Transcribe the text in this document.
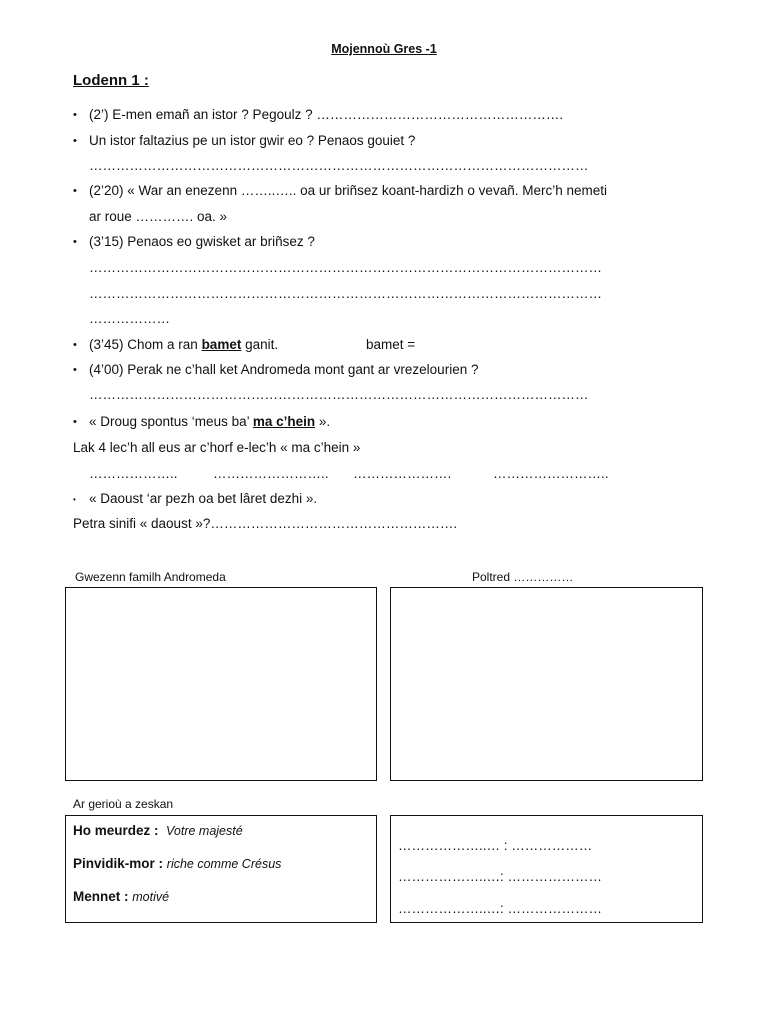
Mojennoù Gres -1
Lodenn 1 :
• (2’) E-men emañ an istor ? Pegoulz ? ……………………………………………….
• Un istor faltazius pe un istor gwir eo ? Penaos gouiet ?
…………………………………………………………………………………………………
• (2’20) « War an enezenn ……..….. oa ur briñsez koant-hardizh o vevañ. Merc’h nemeti
ar roue …………. oa. »
• (3’15) Penaos eo gwisket ar briñsez ?
……………………………………………………………………………………………………
……………………………………………………………………………………………………
………………
• (3’45) Chom a ran bamet ganit.	bamet =
• (4’00) Perak ne c’hall ket Andromeda mont gant ar vrezelourien ?
…………………………………………………………………………………………………
• « Droug spontus ‘meus ba’ ma c’hein ».
Lak 4 lec’h all eus ar c’horf e-lec’h « ma c’hein »
………………..	…………………….. ………………….	……………………..
• « Daoust ‘ar pezh oa bet lâret dezhi ».
Petra sinifi « daoust »?……………………………………………….
Gwezenn familh Andromeda	Poltred ……………
Ar gerioù a zeskan
Ho meurdez : Votre majesté
Pinvidik-mor : riche comme Crésus
Mennet : motivé
………………..… : ………………
………………..…: …………………
………………..…: …………………
